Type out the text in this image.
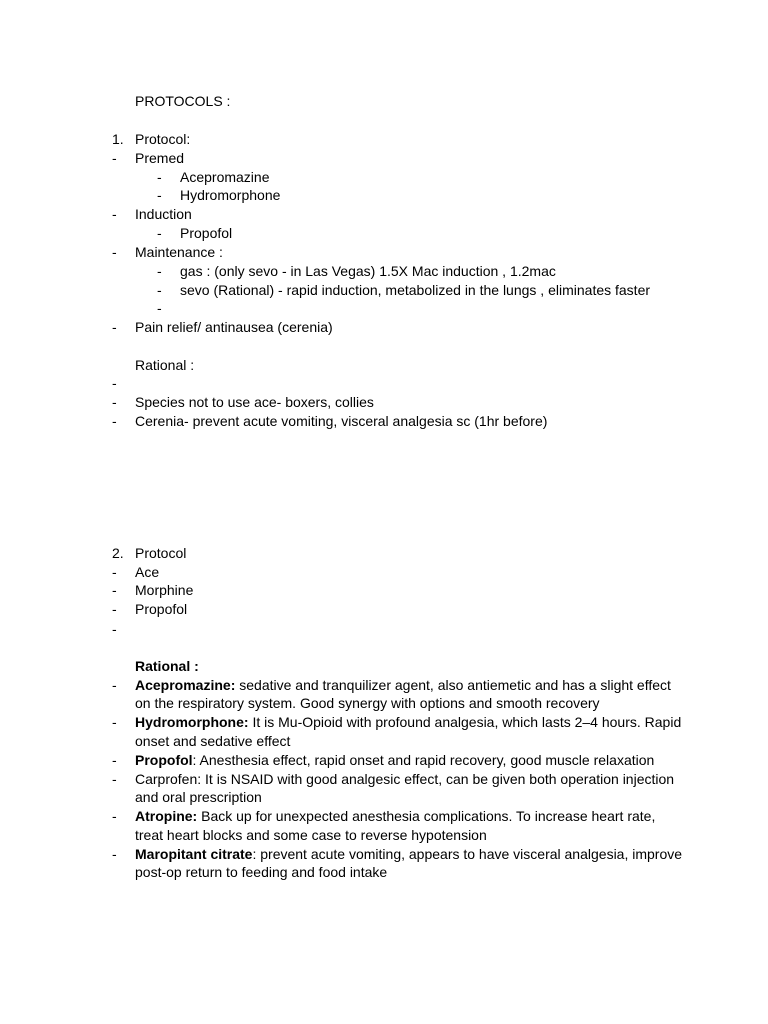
PROTOCOLS :
1. Protocol:
-	Premed
-	Acepromazine
-	Hydromorphone
-	Induction
-	Propofol
-	Maintenance :
-	gas : (only sevo - in Las Vegas) 1.5X Mac induction , 1.2mac
-	sevo (Rational) - rapid induction, metabolized in the lungs , eliminates faster
-
-	Pain relief/ antinausea (cerenia)
Rational :
-
-	Species not to use ace- boxers, collies
-	Cerenia- prevent acute vomiting, visceral analgesia sc (1hr before)
2. Protocol
-	Ace
-	Morphine
-	Propofol
-
Rational :
-	Acepromazine: sedative and tranquilizer agent, also antiemetic and has a slight effect
on the respiratory system. Good synergy with options and smooth recovery
-	Hydromorphone: It is Mu-Opioid with profound analgesia, which lasts 2–4 hours. Rapid
onset and sedative effect
-	Propofol: Anesthesia effect, rapid onset and rapid recovery, good muscle relaxation
-	Carprofen: It is NSAID with good analgesic effect, can be given both operation injection
and oral prescription
-	Atropine: Back up for unexpected anesthesia complications. To increase heart rate,
treat heart blocks and some case to reverse hypotension
-	Maropitant citrate: prevent acute vomiting, appears to have visceral analgesia, improve
post-op return to feeding and food intake
